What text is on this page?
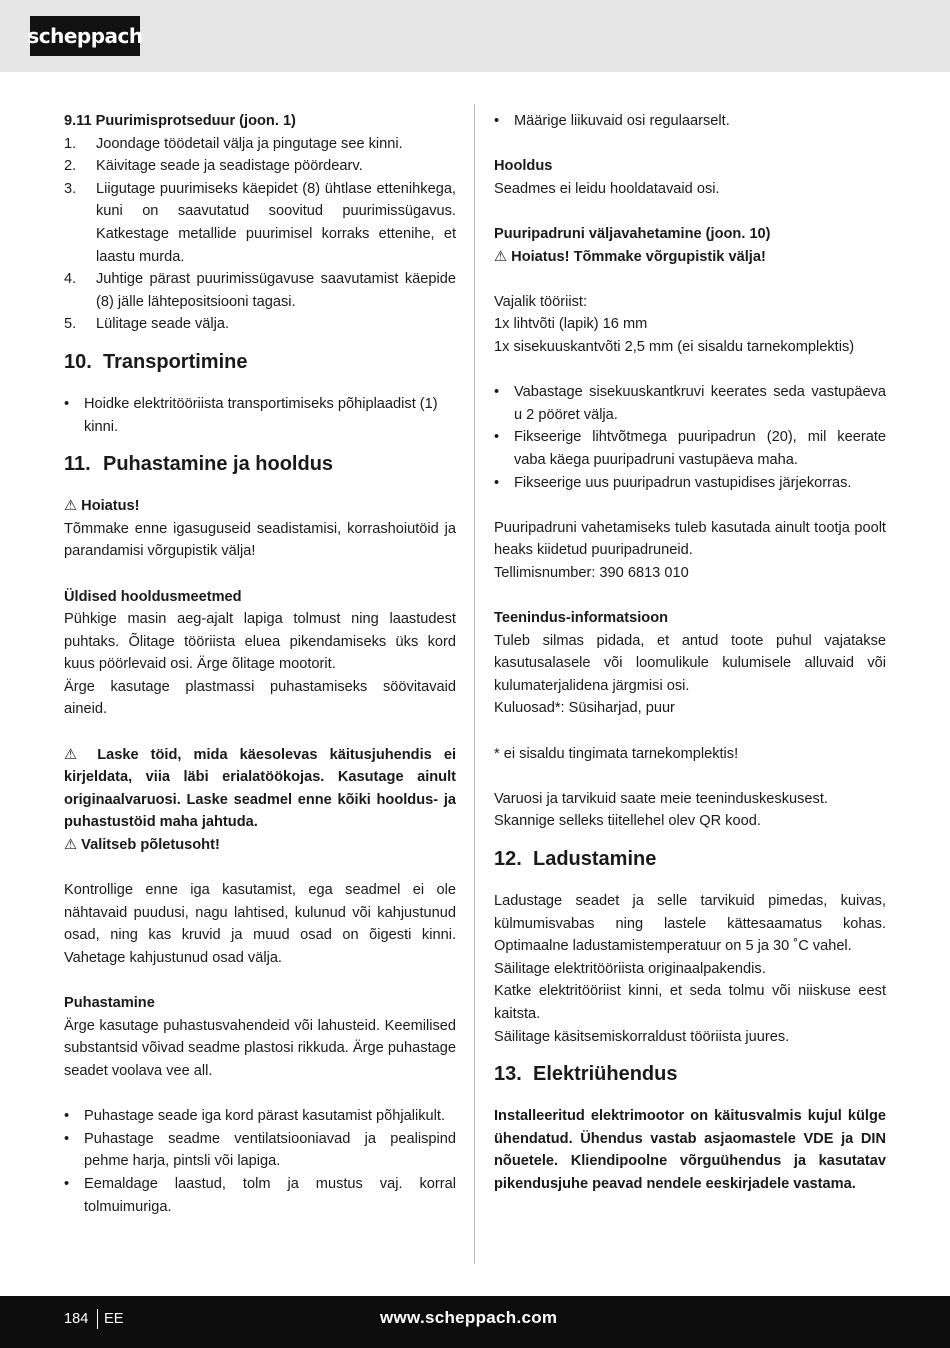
scheppach

9.11 Puurimisprotseduur (joon. 1)

1. Joondage töödetail välja ja pingutage see kinni.
2. Käivitage seade ja seadistage pöördearv.
3. Liigutage puurimiseks käepidet (8) ühtlase ettenihkega, kuni on saavutatud soovitud puurimissügavus. Katkestage metallide puurimisel korraks ettenihe, et laastu murda.
4. Juhtige pärast puurimissügavuse saavutamist käepide (8) jälle lähtepositsiooni tagasi.
5. Lülitage seade välja.
10. Transportimine
• Hoidke elektritööriista transportimiseks põhiplaadist (1) kinni.
11. Puhastamine ja hooldus

⚠ Hoiatus!

Tõmmake enne igasuguseid seadistamisi, korrashoiutöid ja parandamisi võrgupistik välja!

Üldised hooldusmeetmed

Pühkige masin aeg-ajalt lapiga tolmust ning laastudest puhtaks. Õlitage tööriista eluea pikendamiseks üks kord kuus pöörlevaid osi. Ärge õlitage mootorit.

Ärge kasutage plastmassi puhastamiseks söövitavaid aineid.

⚠ Laske töid, mida käesolevas käitusjuhendis ei kirjeldata, viia läbi erialatöökojas. Kasutage ainult originaalvaruosi. Laske seadmel enne kõiki hooldus- ja puhastustöid maha jahtuda.

⚠ Valitseb põletusoht!

Kontrollige enne iga kasutamist, ega seadmel ei ole nähtavaid puudusi, nagu lahtised, kulunud või kahjustunud osad, ning kas kruvid ja muud osad on õigesti kinni. Vahetage kahjustunud osad välja.

Puhastamine

Ärge kasutage puhastusvahendeid või lahusteid. Keemilised substantsid võivad seadme plastosi rikkuda. Ärge puhastage seadet voolava vee all.

• Puhastage seade iga kord pärast kasutamist põhjalikult.
• Puhastage seadme ventilatsiooniavad ja pealispind pehme harja, pintsli või lapiga.
• Eemaldage laastud, tolm ja mustus vaj. korral tolmuimuriga.
• Määrige liikuvaid osi regulaarselt.

Hooldus

Seadmes ei leidu hooldatavaid osi.

Puuripadruni väljavahetamine (joon. 10)

⚠ Hoiatus! Tõmmake võrgupistik välja!

Vajalik tööriist:

1x lihtvõti (lapik) 16 mm

1x sisekuuskantvõti 2,5 mm (ei sisaldu tarnekomplektis)

• Vabastage sisekuuskantkruvi keerates seda vastupäeva u 2 pööret välja.
• Fikseerige lihtvõtmega puuripadrun (20), mil keerate vaba käega puuripadruni vastupäeva maha.
• Fikseerige uus puuripadrun vastupidises järjekorras.

Puuripadruni vahetamiseks tuleb kasutada ainult tootja poolt heaks kiidetud puuripadruneid.

Tellimisnumber: 390 6813 010

Teenindus-informatsioon

Tuleb silmas pidada, et antud toote puhul vajatakse kasutusalasele või loomulikule kulumisele alluvaid või kulumaterjalidena järgmisi osi.

Kuluosad*: Süsiharjad, puur

* ei sisaldu tingimata tarnekomplektis!

Varuosi ja tarvikuid saate meie teeninduskeskusest.

Skannige selleks tiitellehel olev QR kood.

12. Ladustamine

Ladustage seadet ja selle tarvikuid pimedas, kuivas, külmumisvabas ning lastele kättesaamatus kohas. Optimaalne ladustamistemperatuur on 5 ja 30 ˚C vahel.

Säilitage elektritööriista originaalpakendis.

Katke elektritööriist kinni, et seda tolmu või niiskuse eest kaitsta.

Säilitage käsitsemiskorraldust tööriista juures.

13. Elektriühendus

Installeeritud elektrimootor on käitusvalmis kujul külge ühendatud. Ühendus vastab asjaomastele VDE ja DIN nõuetele. Kliendipoolne võrguühendus ja kasutatav pikendusjuhe peavad nendele eeskirjadele vastama.

184 EE	www.scheppach.com
